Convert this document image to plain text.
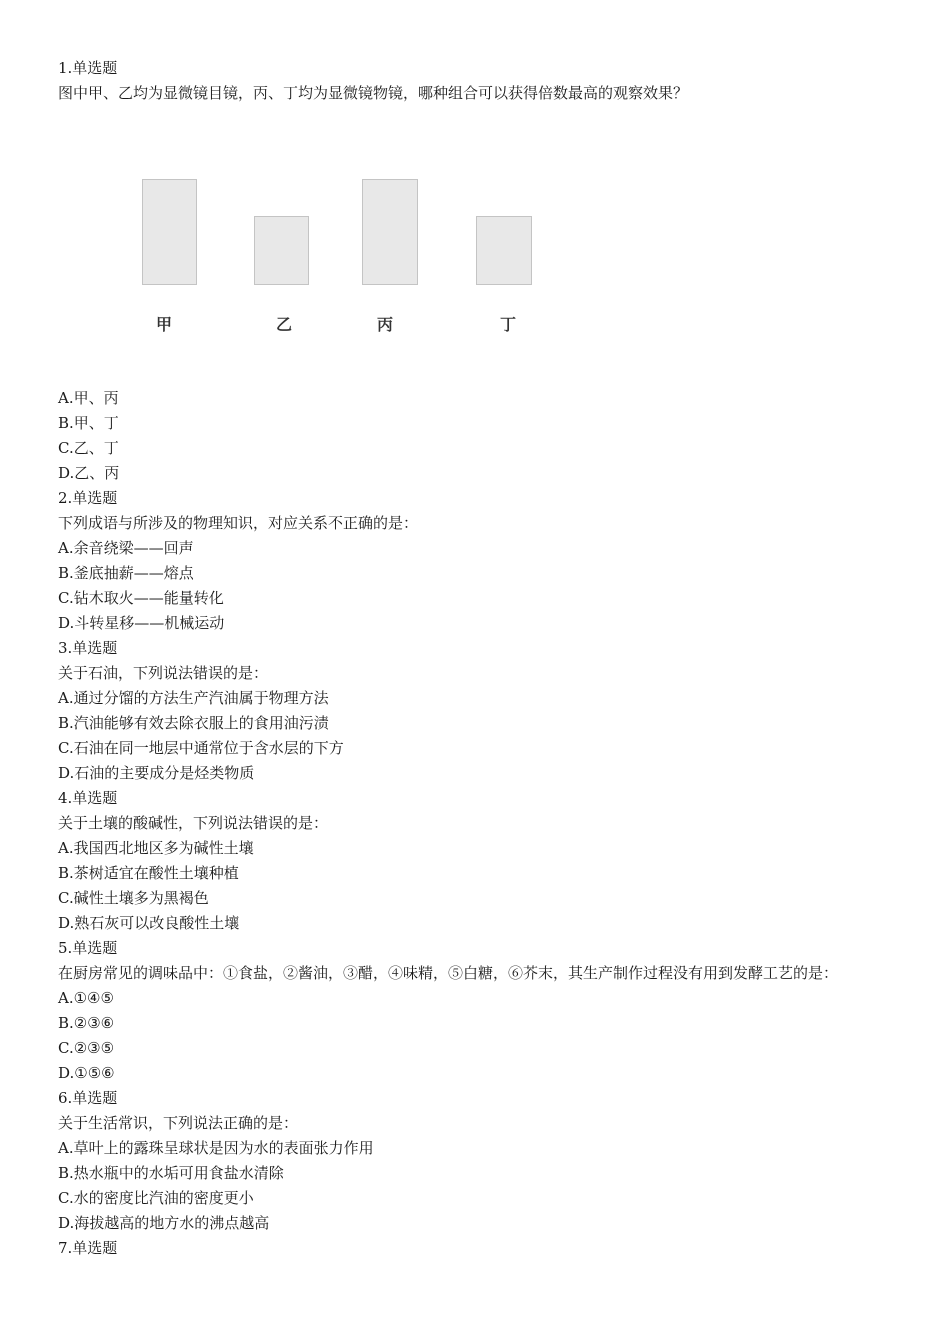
1.单选题
图中甲、乙均为显微镜目镜，丙、丁均为显微镜物镜，哪种组合可以获得倍数最高的观察效果？
甲	乙	丙	丁
A.甲、丙
B.甲、丁
C.乙、丁
D.乙、丙
2.单选题
下列成语与所涉及的物理知识，对应关系不正确的是：
A.余音绕梁——回声
B.釜底抽薪——熔点
C.钻木取火——能量转化
D.斗转星移——机械运动
3.单选题
关于石油，下列说法错误的是：
A.通过分馏的方法生产汽油属于物理方法
B.汽油能够有效去除衣服上的食用油污渍
C.石油在同一地层中通常位于含水层的下方
D.石油的主要成分是烃类物质
4.单选题
关于土壤的酸碱性，下列说法错误的是：
A.我国西北地区多为碱性土壤
B.茶树适宜在酸性土壤种植
C.碱性土壤多为黑褐色
D.熟石灰可以改良酸性土壤
5.单选题
在厨房常见的调味品中：①食盐，②酱油，③醋，④味精，⑤白糖，⑥芥末，其生产制作过程没有用到发酵工艺的是：
A.①④⑤
B.②③⑥
C.②③⑤
D.①⑤⑥
6.单选题
关于生活常识，下列说法正确的是：
A.草叶上的露珠呈球状是因为水的表面张力作用
B.热水瓶中的水垢可用食盐水清除
C.水的密度比汽油的密度更小
D.海拔越高的地方水的沸点越高
7.单选题
